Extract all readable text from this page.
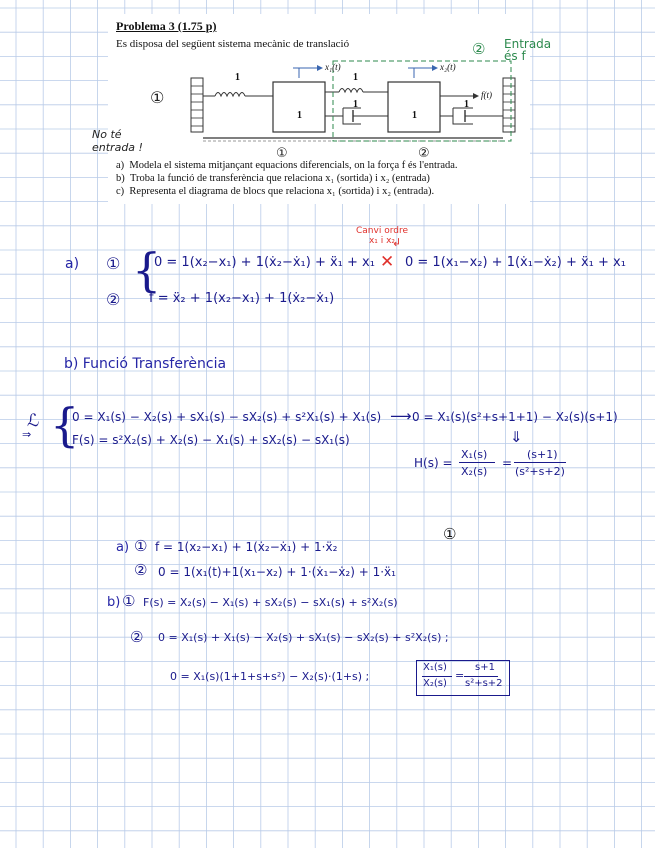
Problema 3 (1.75 p)
Es disposa del següent sistema mecànic de translació
1
1
1
1
1
1
x₁(t)	x₂(t)
f(t)
a) Modela el sistema mitjançant equacions diferencials, on la força f és l'entrada.
b) Troba la funció de transferència que relaciona x₁ (sortida) i x₂ (entrada)
c) Representa el diagrama de blocs que relaciona x₁ (sortida) i x₂ (entrada).
①
No té
entrada !
② Entrada
és f
①	②
Canvi ordre
x₁ i x₂
↲
a) ① {
0 = 1(x₂−x₁) + 1(ẋ₂−ẋ₁) + ẍ₁ + x₁ ✕ 0 = 1(x₁−x₂) + 1(ẋ₁−ẋ₂) + ẍ₁ + x₁
② f = ẍ₂ + 1(x₂−x₁) + 1(ẋ₂−ẋ₁)
b) Funció Transferència
ℒ
⇒ {
0 = X₁(s) − X₂(s) + sX₁(s) − sX₂(s) + s²X₁(s) + X₁(s) ⟶ 0 = X₁(s)(s²+s+1+1) − X₂(s)(s+1)
F(s) = s²X₂(s) + X₂(s) − X₁(s) + sX₂(s) − sX₁(s)	⇓
H(s) =
X₁(s)
X₂(s)
=
(s+1)
(s²+s+2)
①
a) ① f = 1(x₂−x₁) + 1(ẋ₂−ẋ₁) + 1·ẍ₂
② 0 = 1(x₁(t)+1(x₁−x₂) + 1·(ẋ₁−ẋ₂) + 1·ẍ₁
b) ① F(s) = X₂(s) − X₁(s) + sX₂(s) − sX₁(s) + s²X₂(s)
② 0 = X₁(s) + X₁(s) − X₂(s) + sX₁(s) − sX₂(s) + s²X₂(s) ;
0 = X₁(s)(1+1+s+s²) − X₂(s)·(1+s) ;
X₁(s)
X₂(s)
=
s+1
s²+s+2
